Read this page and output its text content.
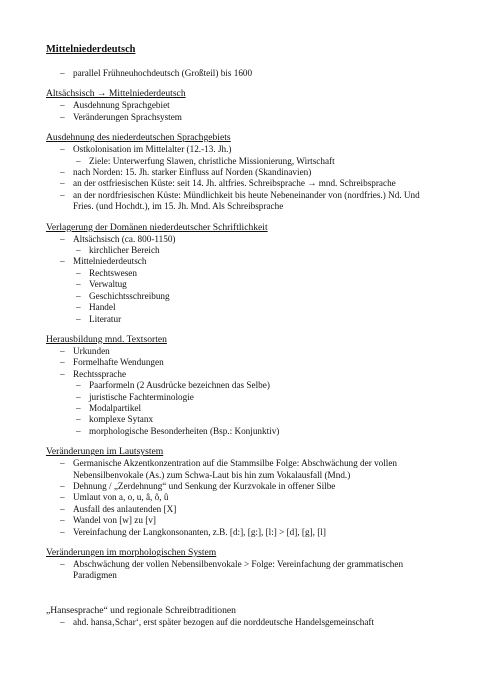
Mittelniederdeutsch
– parallel Frühneuhochdeutsch (Großteil) bis 1600
Altsächsisch → Mittelniederdeutsch
– Ausdehnung Sprachgebiet
– Veränderungen Sprachsystem
Ausdehnung des niederdeutschen Sprachgebiets
– Ostkolonisation im Mittelalter (12.-13. Jh.)
– Ziele: Unterwerfung Slawen, christliche Missionierung, Wirtschaft
– nach Norden: 15. Jh. starker Einfluss auf Norden (Skandinavien)
– an der ostfriesischen Küste: seit 14. Jh. altfries. Schreibsprache → mnd. Schreibsprache
– an der nordfriesischen Küste: Mündlichkeit bis heute Nebeneinander von (nordfries.) Nd. Und Fries. (und Hochdt.), im 15. Jh. Mnd. Als Schreibsprache
Verlagerung der Domänen niederdeutscher Schriftlichkeit
– Altsächsisch (ca. 800-1150)
– kirchlicher Bereich
– Mittelniederdeutsch
– Rechtswesen
– Verwaltug
– Geschichtsschreibung
– Handel
– Literatur
Herausbildung mnd. Textsorten
– Urkunden
– Formelhafte Wendungen
– Rechtssprache
– Paarformeln (2 Ausdrücke bezeichnen das Selbe)
– juristische Fachterminologie
– Modalpartikel
– komplexe Sytanx
– morphologische Besonderheiten (Bsp.: Konjunktiv)
Veränderungen im Lautsystem
– Germanische Akzentkonzentration auf die Stammsilbe Folge: Abschwächung der vollen Nebensilbenvokale (As.) zum Schwa-Laut bis hin zum Vokalausfall (Mnd.)
– Dehnung / „Zerdehnung“ und Senkung der Kurzvokale in offener Silbe
– Umlaut von a, o, u, â, ô, û
– Ausfall des anlautenden [X]
– Wandel von [w] zu [v]
– Vereinfachung der Langkonsonanten, z.B. [d:], [g:], [l:] > [d], [g], [l]
Veränderungen im morphologischen System
– Abschwächung der vollen Nebensilbenvokale > Folge: Vereinfachung der grammatischen Paradigmen
„Hansesprache“ und regionale Schreibtraditionen
– ahd. hansa‚Schar‘, erst später bezogen auf die norddeutsche Handelsgemeinschaft
